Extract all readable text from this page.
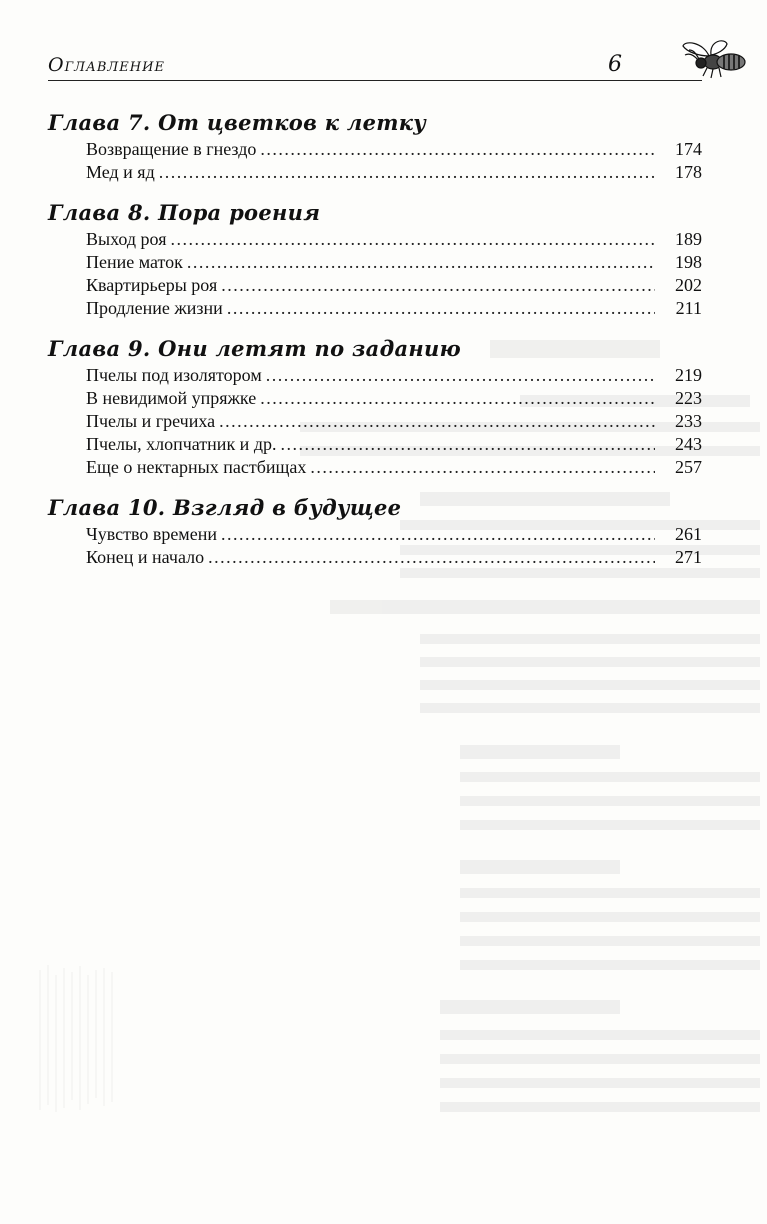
Оглавление	6
Глава 7. От цветков к летку
Возвращение в гнездо .....	174
Мед и яд .....	178
Глава 8. Пора роения
Выход роя .....	189
Пение маток .....	198
Квартирьеры роя .....	202
Продление жизни .....	211
Глава 9. Они летят по заданию
Пчелы под изолятором .....	219
В невидимой упряжке .....	223
Пчелы и гречиха .....	233
Пчелы, хлопчатник и др. .....	243
Еще о нектарных пастбищах .....	257
Глава 10. Взгляд в будущее
Чувство времени .....	261
Конец и начало .....	271
